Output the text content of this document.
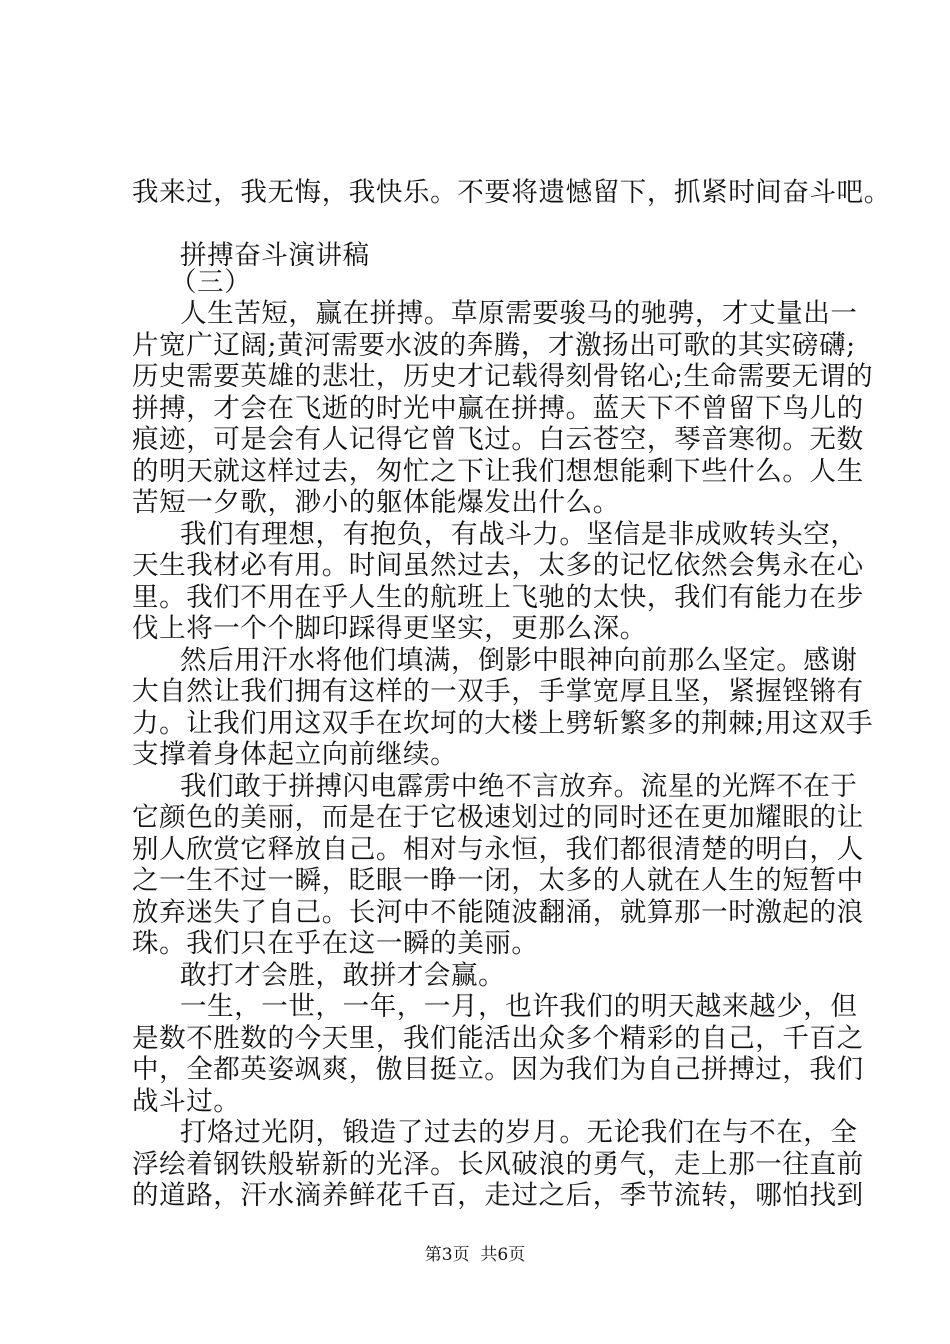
我来过，我无悔，我快乐。不要将遗憾留下，抓紧时间奋斗吧。
拼搏奋斗演讲稿
（三）
人生苦短，赢在拼搏。草原需要骏马的驰骋，才丈量出一
片宽广辽阔;黄河需要水波的奔腾，才激扬出可歌的其实磅礴;
历史需要英雄的悲壮，历史才记载得刻骨铭心;生命需要无谓的
拼搏，才会在飞逝的时光中赢在拼搏。蓝天下不曾留下鸟儿的
痕迹，可是会有人记得它曾飞过。白云苍空，琴音寒彻。无数
的明天就这样过去，匆忙之下让我们想想能剩下些什么。人生
苦短一夕歌，渺小的躯体能爆发出什么。
我们有理想，有抱负，有战斗力。坚信是非成败转头空，
天生我材必有用。时间虽然过去，太多的记忆依然会隽永在心
里。我们不用在乎人生的航班上飞驰的太快，我们有能力在步
伐上将一个个脚印踩得更坚实，更那么深。
然后用汗水将他们填满，倒影中眼神向前那么坚定。感谢
大自然让我们拥有这样的一双手，手掌宽厚且坚，紧握铿锵有
力。让我们用这双手在坎坷的大楼上劈斩繁多的荆棘;用这双手
支撑着身体起立向前继续。
我们敢于拼搏闪电霹雳中绝不言放弃。流星的光辉不在于
它颜色的美丽，而是在于它极速划过的同时还在更加耀眼的让
别人欣赏它释放自己。相对与永恒，我们都很清楚的明白，人
之一生不过一瞬，眨眼一睁一闭，太多的人就在人生的短暂中
放弃迷失了自己。长河中不能随波翻涌，就算那一时激起的浪
珠。我们只在乎在这一瞬的美丽。
敢打才会胜，敢拼才会赢。
一生，一世，一年，一月，也许我们的明天越来越少，但
是数不胜数的今天里，我们能活出众多个精彩的自己，千百之
中，全都英姿飒爽，傲目挺立。因为我们为自己拼搏过，我们
战斗过。
打烙过光阴，锻造了过去的岁月。无论我们在与不在，全
浮绘着钢铁般崭新的光泽。长风破浪的勇气，走上那一往直前
的道路，汗水滴养鲜花千百，走过之后，季节流转，哪怕找到
第3页 共6页
